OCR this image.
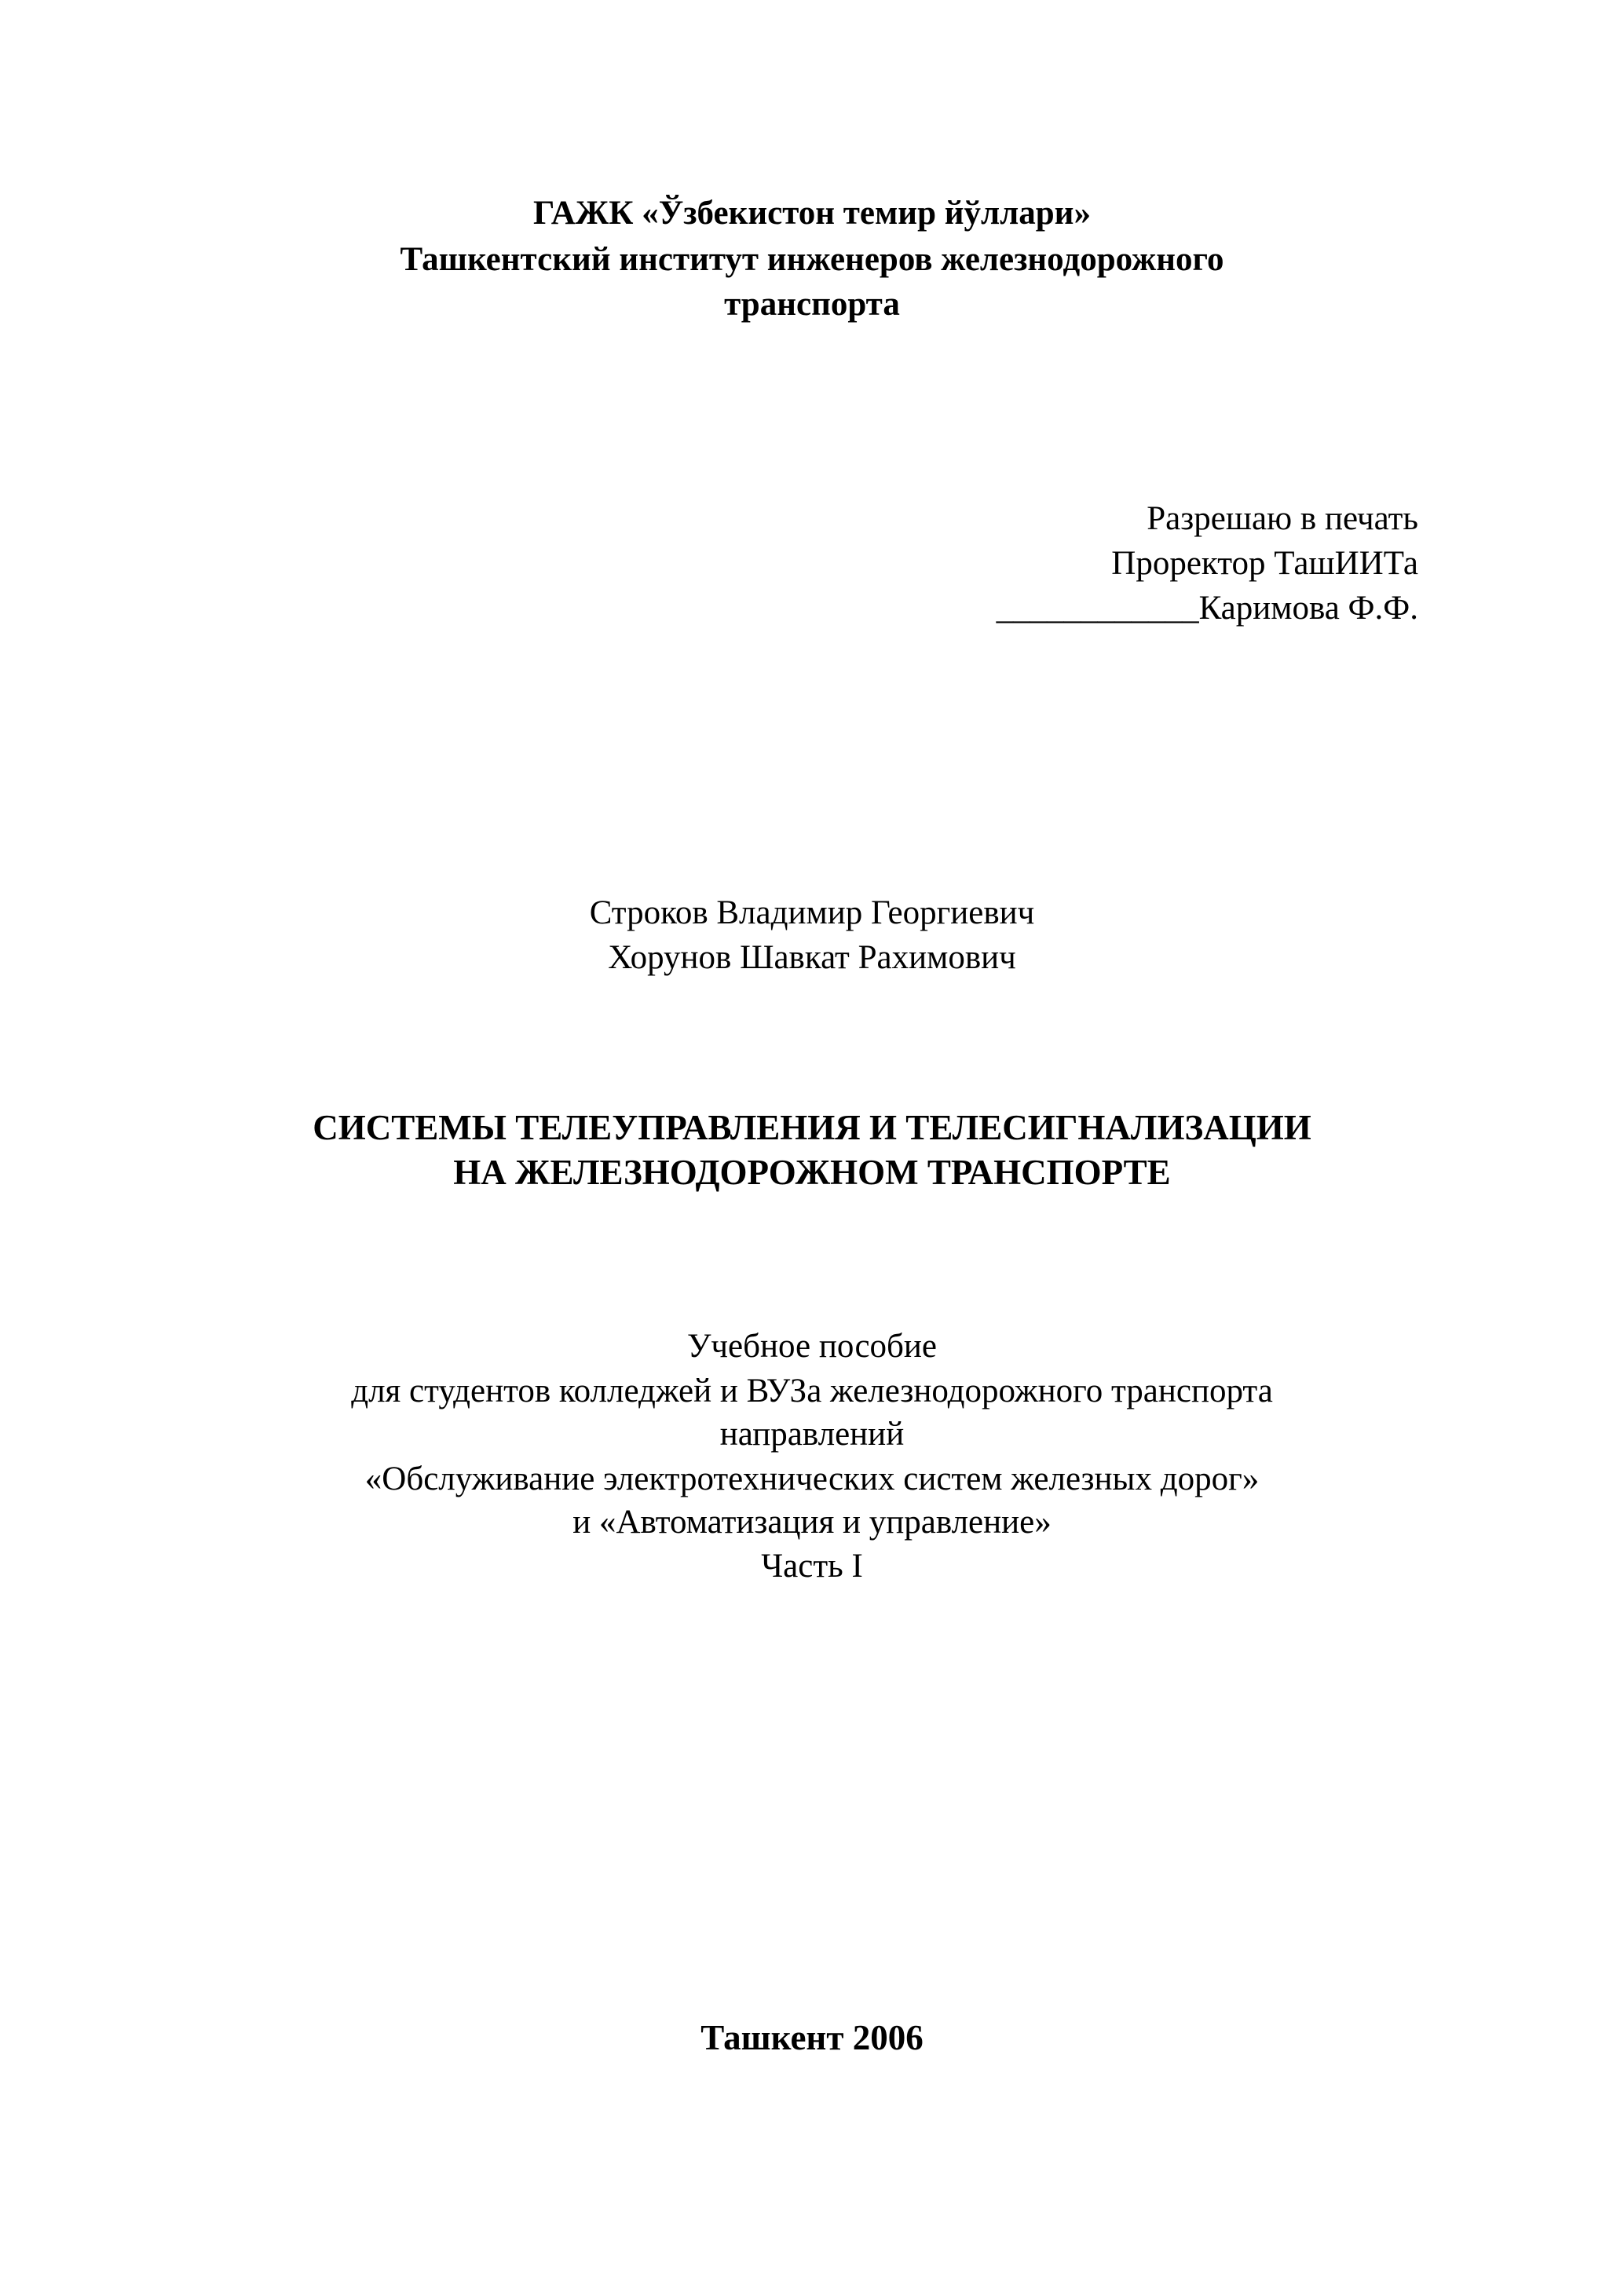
ГАЖК «Ўзбекистон темир йўллари»
Ташкентский институт инженеров железнодорожного
транспорта
Разрешаю в печать
Проректор ТашИИТа
____________Каримова Ф.Ф.
Строков Владимир Георгиевич
Хорунов Шавкат Рахимович
СИСТЕМЫ ТЕЛЕУПРАВЛЕНИЯ И ТЕЛЕСИГНАЛИЗАЦИИ
НА ЖЕЛЕЗНОДОРОЖНОМ ТРАНСПОРТЕ
Учебное пособие
для студентов колледжей и ВУЗа железнодорожного транспорта
направлений
«Обслуживание электротехнических систем железных дорог»
и «Автоматизация и управление»
Часть I
Ташкент 2006
